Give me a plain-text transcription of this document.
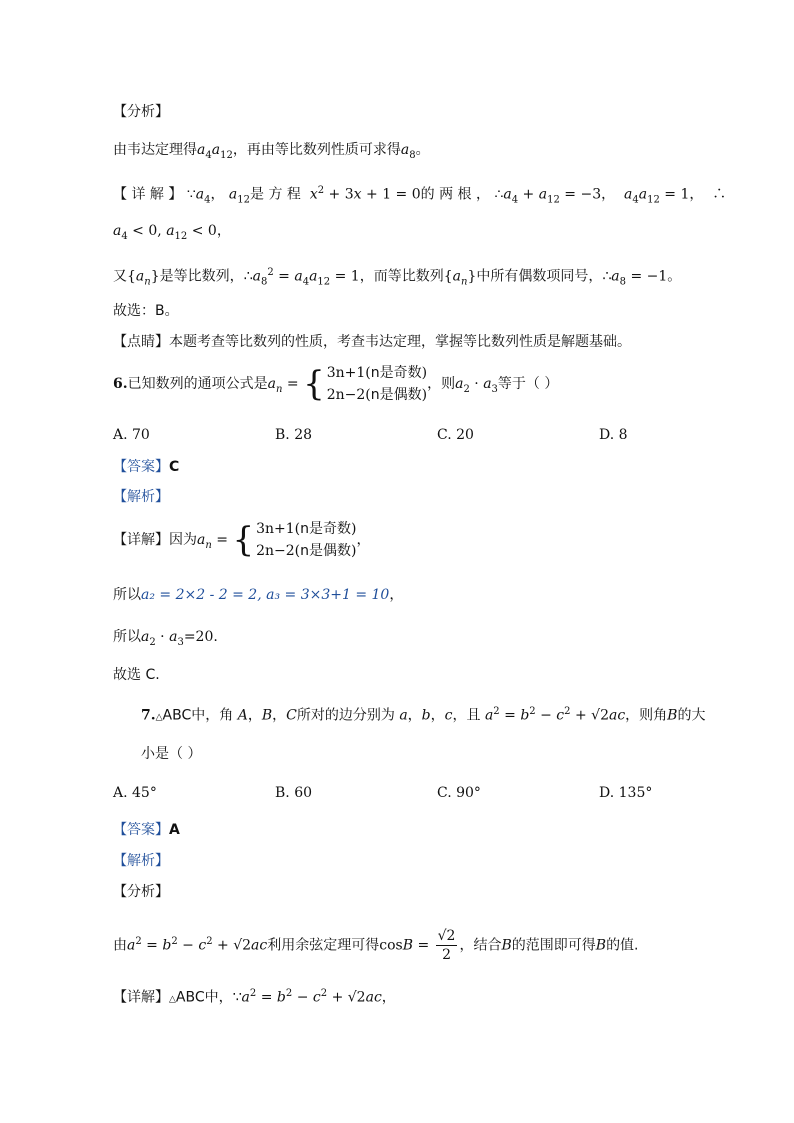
【分析】
由韦达定理得$a_4a_{12}$，再由等比数列性质可求得$a_8$。
【 详 解 】 $\because a_4$， $a_{12}$是 方 程 $x^2 + 3x + 1 = 0$的 两 根 ， $\therefore a_4 + a_{12} = -3$，  $a_4a_{12} = 1$，  ∴
$a_4 < 0$, $a_{12} < 0$，
又$\{a_n\}$是等比数列，$\therefore a_8^2 = a_4a_{12} = 1$，而等比数列$\{a_n\}$中所有偶数项同号，$\therefore a_8 = -1$。
故选：B。
【点睛】本题考查等比数列的性质，考查韦达定理，掌握等比数列性质是解题基础。
6.已知数列的通项公式是$a_n$ = { 3n+1(n是奇数)
2n−2(n是偶数)，则$a_2 \cdot a_3$等于（ ）
A. 70	B. 28	C. 20	D. 8
【答案】C
【解析】
【详解】因为$a_n$ = { 3n+1(n是奇数)
2n−2(n是偶数)，
所以a₂ = 2×2 - 2 = 2, a₃ = 3×3+1 = 10，
所以$a_2 \cdot a_3=20$.
故选 C.
7.△ABC中，角 A，B，C所对的边分别为 a，b，c，且 $a^2 = b^2 - c^2 + √2ac$，则角B的大
小是（ ）
A. 45°	B. 60	C. 90°	D. 135°
【答案】A
【解析】
【分析】
由$a^2 = b^2 - c^2 + √2ac$利用余弦定理可得$\cos B = \frac{√2}{2}$ ，结合B的范围即可得B的值.
【详解】△ABC中，$\because a^2 = b^2 - c^2 + √2ac$，
